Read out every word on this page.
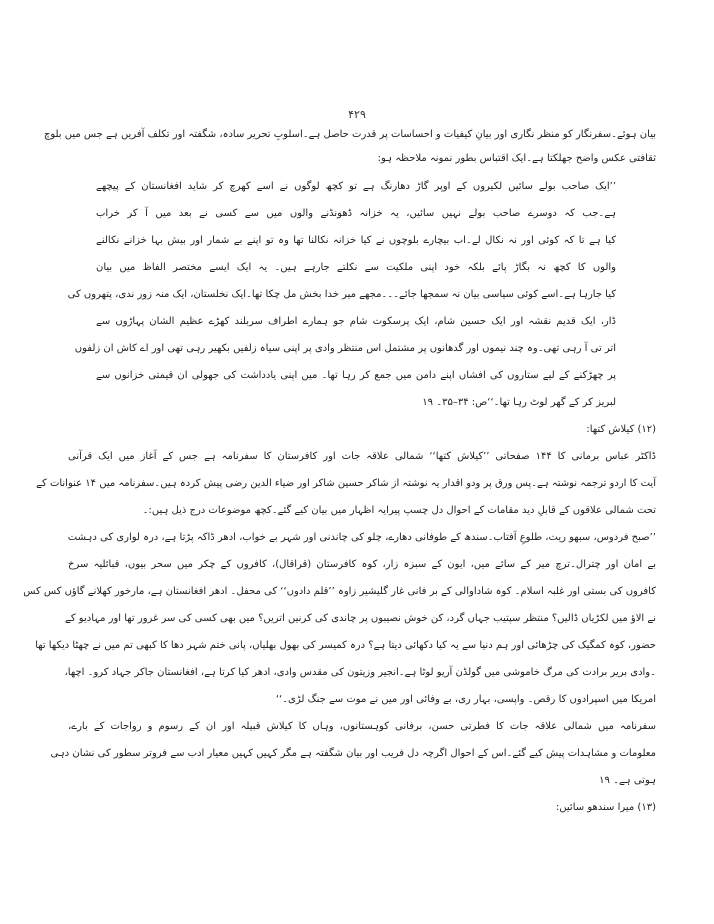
۴۲۹
بیان ہوئے۔سفرنگار کو منظر نگاری اور بیانِ کیفیات و احساسات پر قدرت حاصل ہے۔اسلوبِ تحریر سادہ، شگفتہ اور تکلف آفریں ہے جس میں بلوچ
ثقافتی عکس واضح جھلکتا ہے۔ایک اقتباس بطور نمونہ ملاحظہ ہو:
’’ایک صاحب بولے سائیں لکیروں کے اوپر گاڑ دھارنگ ہے تو کچھ لوگوں نے اسے کھرچ کر شاید افغانستان کے پیچھے
ہے۔جب کہ دوسرے صاحب بولے نہیں سائیں، یہ خزانہ ڈھونڈنے والوں میں سے کسی نے بعد میں آ کر خراب
کیا ہے تا کہ کوئی اور نہ نکال لے۔اب بیچارے بلوچوں نے کیا خزانہ نکالنا تھا وہ تو اپنے بے شمار اور بیش بہا خزانے نکالنے
والوں کا کچھ نہ بگاڑ پائے بلکہ خود اپنی ملکیت سے نکلتے جارہے ہیں۔ یہ ایک ایسے مختصر الفاظ میں بیان
کیا جارہا ہے۔اسے کوئی سیاسی بیان نہ سمجھا جائے۔۔۔مجھے میر خدا بخش مل چکا تھا۔ایک نخلستان، ایک منہ زور ندی، پتھروں کی
ڈار، ایک قدیم نقشہ اور ایک حسین شام، ایک پرسکوت شام جو ہمارے اطراف سربلند کھڑے عظیم الشان پہاڑوں سے
اتر تی آ رہی تھی۔وہ چند نیموں اور گدھانوں پر مشتمل اس منتظر وادی پر اپنی سیاہ زلفیں بکھیر رہی تھی اور اے کاش ان زلفوں
پر چھڑکنے کے لیے ستاروں کی افشاں اپنے دامن میں جمع کر رہا تھا۔ میں اپنی یادداشت کی جھولی ان قیمتی خزانوں سے
لبریز کر کے گھر لوٹ رہا تھا۔‘‘ص: ۳۴–۳۵۔ ۱۹
(۱۲) کیلاش کتھا:
ڈاکٹر عباس برمانی کا ۱۴۴ صفحاتی ’’کیلاش کتھا‘‘ شمالی علاقہ جات اور کافرستان کا سفرنامہ ہے جس کے آغاز میں ایک قرآنی
آیت کا اردو ترجمہ نوشتہ ہے۔پس ورق پر ودو اقدار یہ نوشتہ از شاکر حسین شاکر اور ضیاء الدین رضی پیش کردہ ہیں۔سفرنامہ میں ۱۴ عنوانات کے
تحت شمالی علاقوں کے قابلِ دید مقامات کے احوال دل چسپ پیرایہ اظہار میں بیان کیے گئے۔کچھ موضوعات درج ذیل ہیں:۔
’’صبح فردوس، سبھو ریت، طلوعِ آفتاب۔سندھ کے طوفانی دھارے، چلو کی چاندنی اور شہر بے خواب، ادھر ڈاکہ پڑتا ہے، درہ لواری کی دہشت
بے امان اور چترال۔ترچ میر کے سائے میں، ایون کے سبزہ زار، کوہ کافرستان (قراقال)، کافروں کے چکر میں سحر بیوں، قبائلیہ سرخ
کافروں کی بستی اور غلبہ اسلام۔ کوہ شاداوالی کے بر فانی غار گلیشیر زاوہ ’’قلم دادوں‘‘ کی محفل۔ ادھر افغانستان ہے، مارخور کھلانے گاؤں کس کس
نے الاؤ میں لکڑیاں ڈالیں؟ منتظر سپتیب جہاں گرد، کن خوش نصیبوں پر چاندی کی کرنیں اتریں؟ میں بھی کسی کی سر غرور تھا اور مہادیو کے
حضور، کوہ کمگیک کی چڑھائی اور ہم دنیا سے یہ کیا دکھائی دیتا ہے؟ درہ کمیسر کی بھول بھلیاں، پانی ختم شہر دھا کا کبھی تم میں نے چھٹا دیکھا تھا
۔وادی بریر برادت کی مرگ خاموشی میں گولڈن آریو لوٹا ہے۔انجیر وزیتون کی مقدس وادی، ادھر کیا کرتا ہے، افغانستان جاکر جہاد کرو۔ اچھا،
امریکا میں اسپرادوں کا رقص۔ واپسی، بہار ری، بے وفائی اور میں نے موت سے جنگ لڑی۔‘‘
سفرنامہ میں شمالی علاقہ جات کا فطرتی حسن، برفانی کوہستانوں، وہاں کا کیلاش قبیلہ اور ان کے رسوم و رواجات کے بارے،
معلومات و مشاہدات پیش کیے گئے۔اس کے احوال اگرچہ دل فریب اور بیان شگفتہ ہے مگر کہیں کہیں معیار ادب سے فروتر سطور کی نشان دہی
ہوتی ہے۔ ۱۹
(۱۳) میرا سندھو سائیں:
